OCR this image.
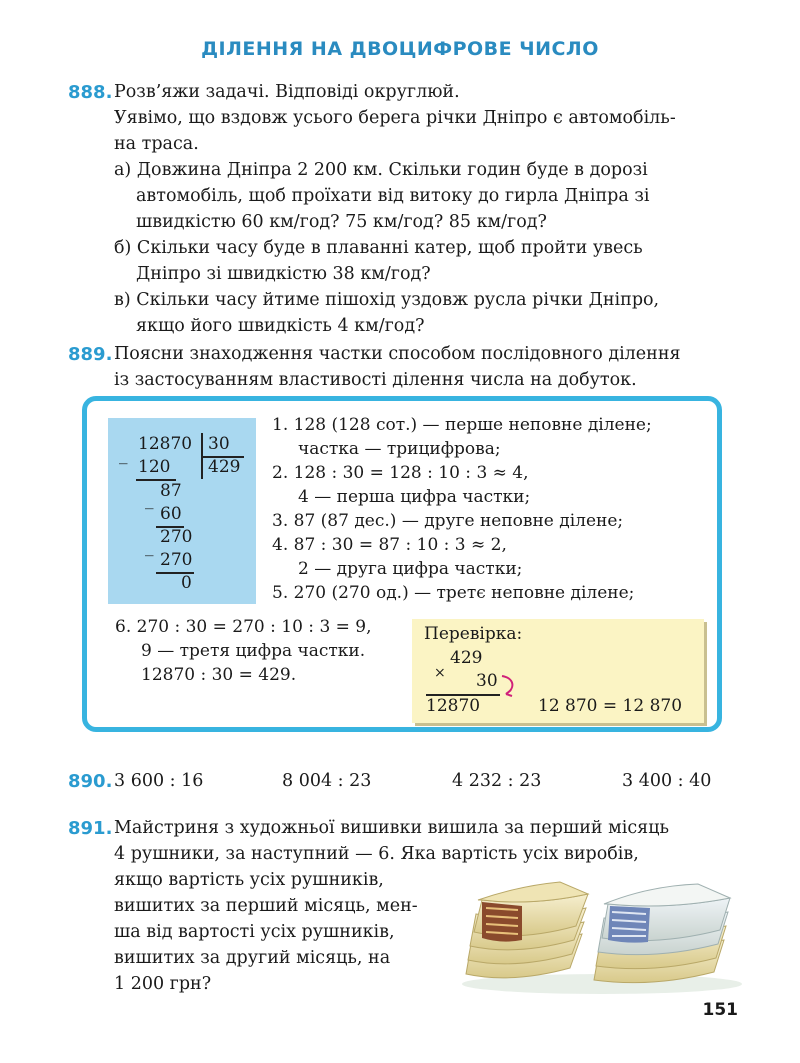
ДІЛЕННЯ НА ДВОЦИФРОВЕ ЧИСЛО
888. Розв’яжи задачі. Відповіді округлюй.
Уявімо, що вздовж усього берега річки Дніпро є автомобіль-
на траса.
а) Довжина Дніпра 2 200 км. Скільки годин буде в дорозі
автомобіль, щоб проїхати від витоку до гирла Дніпра зі
швидкістю 60 км/год? 75 км/год? 85 км/год?
б) Скільки часу буде в плаванні катер, щоб пройти увесь
Дніпро зі швидкістю 38 км/год?
в) Скільки часу йтиме пішохід уздовж русла річки Дніпро,
якщо його швидкість 4 км/год?
889. Поясни знаходження частки способом послідовного ділення
із застосуванням властивості ділення числа на добуток.
_
12870 30
429
120
_ 87
60
_ 270
270
0
1. 128 (128 сот.) — перше неповне ділене;
частка — трицифрова;
2. 128 : 30 = 128 : 10 : 3 ≈ 4,
4 — перша цифра частки;
3. 87 (87 дес.) — друге неповне ділене;
4. 87 : 30 = 87 : 10 : 3 ≈ 2,
2 — друга цифра частки;
5. 270 (270 од.) — третє неповне ділене;
6. 270 : 30 = 270 : 10 : 3 = 9,
9 — третя цифра частки.
12870 : 30 = 429.
Перевірка:
429
× 30
12870	12 870 = 12 870
890. 3 600 : 16	8 004 : 23	4 232 : 23	3 400 : 40
891. Майстриня з художньої вишивки вишила за перший місяць
4 рушники, за наступний — 6. Яка вартість усіх виробів,
якщо вартість усіх рушників,
вишитих за перший місяць, мен-
ша від вартості усіх рушників,
вишитих за другий місяць, на
1 200 грн?
151
